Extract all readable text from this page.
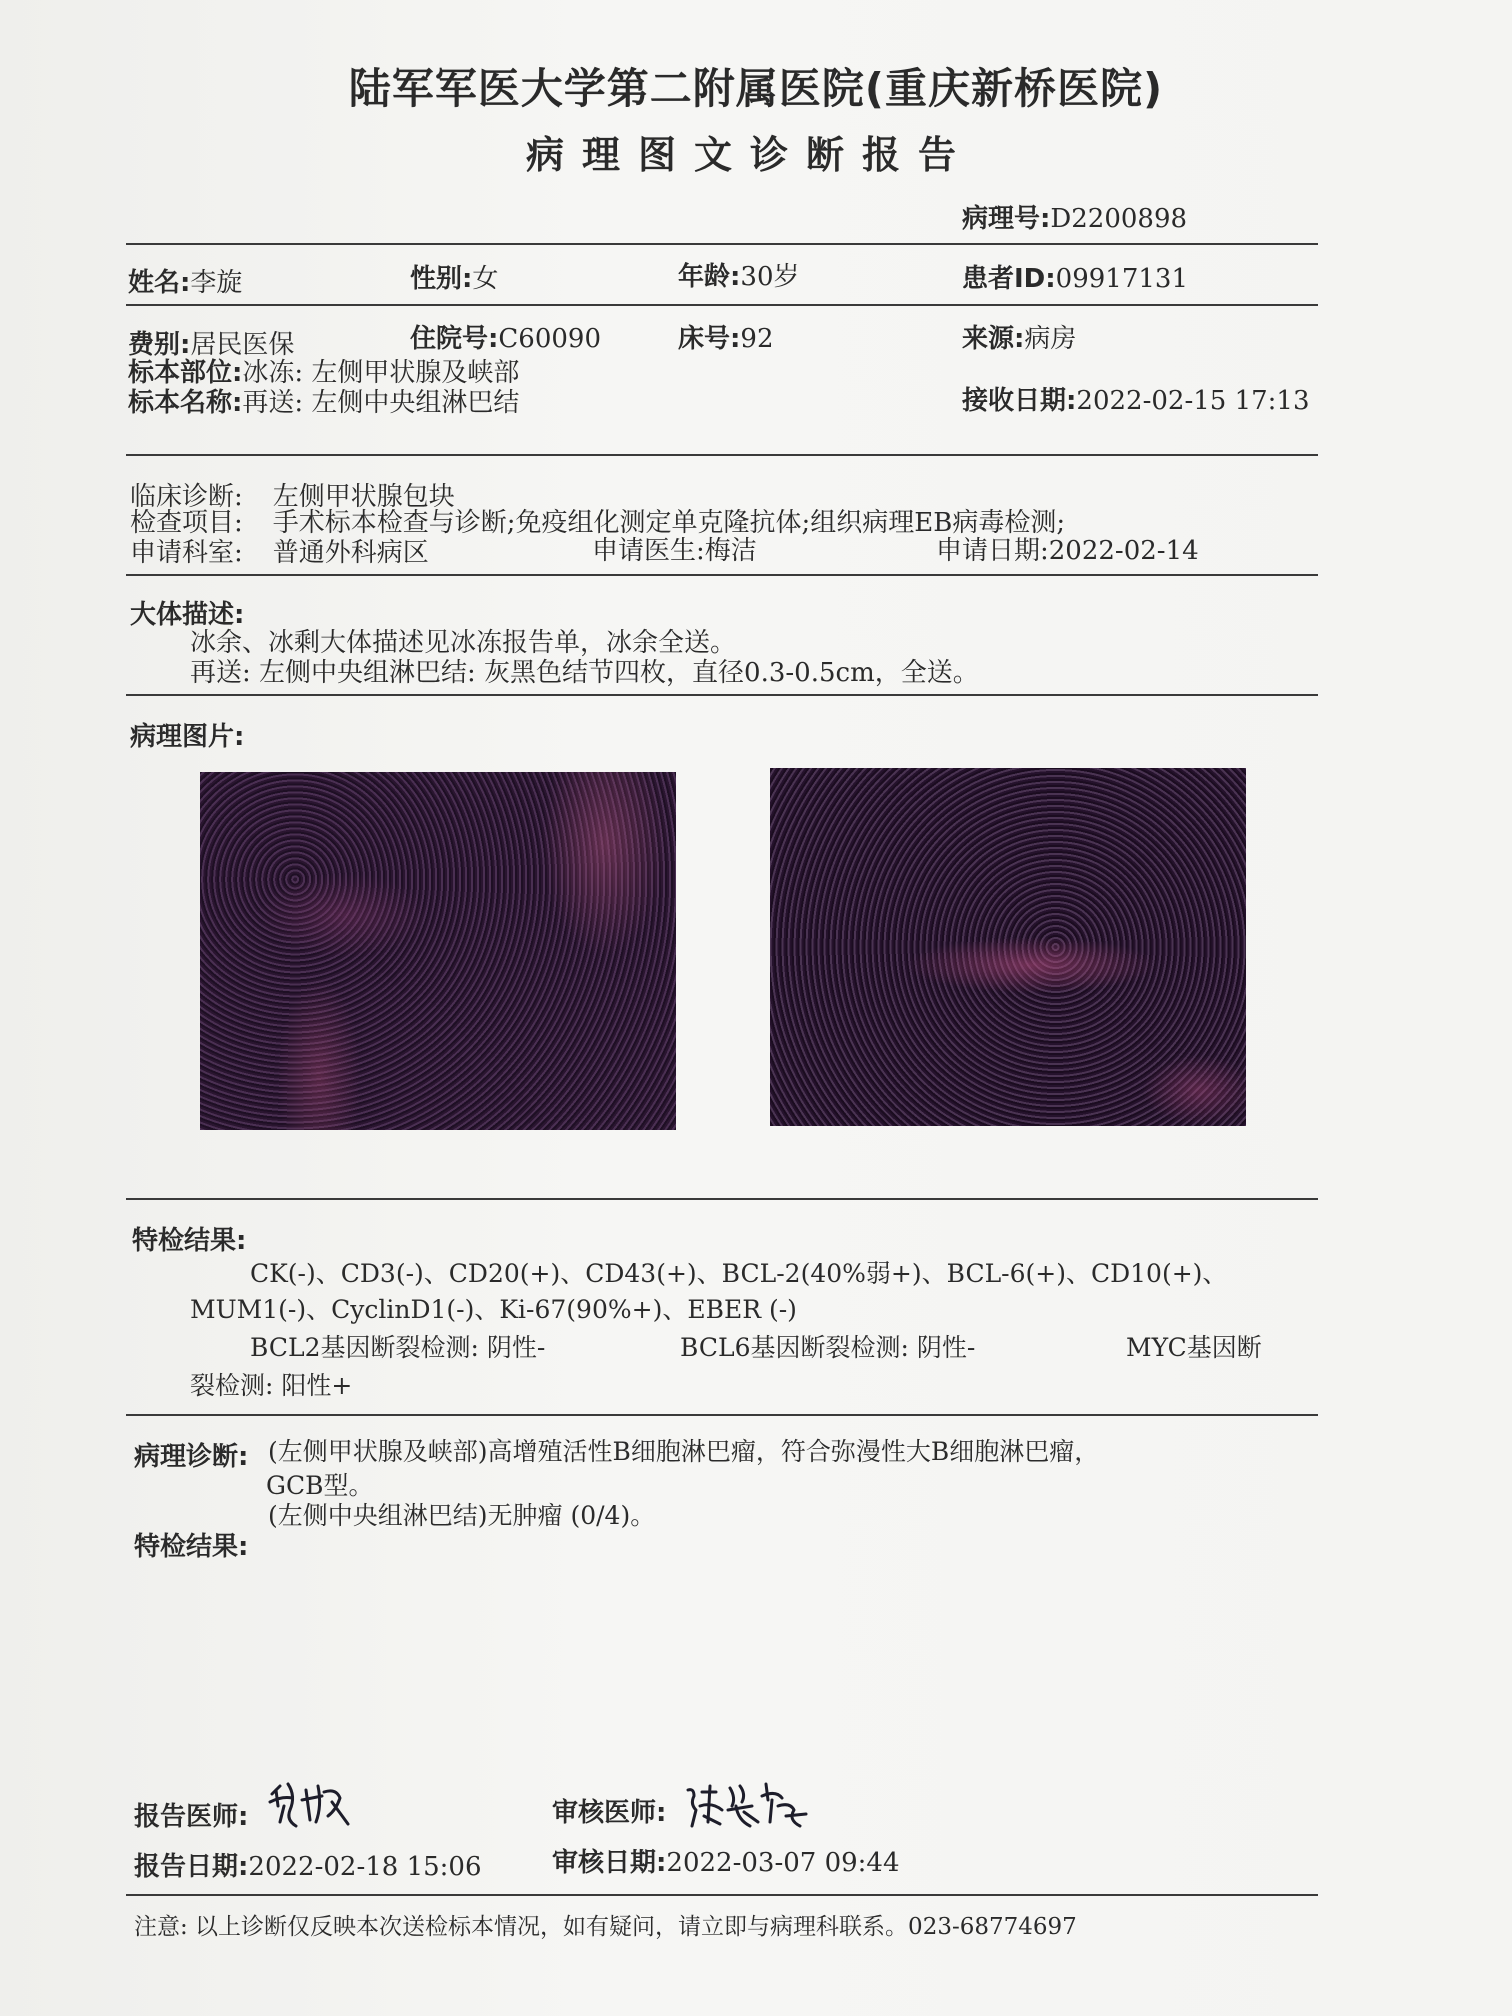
陆军军医大学第二附属医院(重庆新桥医院)
病理图文诊断报告
病理号:D2200898
姓名:李旋	性别:女	年龄:30岁	患者ID:09917131
费别:居民医保	住院号:C60090	床号:92	来源:病房
标本部位:冰冻: 左侧甲状腺及峡部
标本名称:再送: 左侧中央组淋巴结	接收日期:2022-02-15 17:13
临床诊断: 左侧甲状腺包块
检查项目: 手术标本检查与诊断;免疫组化测定单克隆抗体;组织病理EB病毒检测;
申请科室: 普通外科病区	申请医生:梅洁	申请日期:2022-02-14
大体描述:
冰余、冰剩大体描述见冰冻报告单，冰余全送。
再送: 左侧中央组淋巴结: 灰黑色结节四枚，直径0.3-0.5cm，全送。
病理图片:
特检结果:
CK(-)、CD3(-)、CD20(+)、CD43(+)、BCL-2(40%弱+)、BCL-6(+)、CD10(+)、
MUM1(-)、CyclinD1(-)、Ki-67(90%+)、EBER (-)
BCL2基因断裂检测: 阴性-	BCL6基因断裂检测: 阴性-	MYC基因断
裂检测: 阳性+
病理诊断: (左侧甲状腺及峡部)高增殖活性B细胞淋巴瘤，符合弥漫性大B细胞淋巴瘤，
GCB型。
(左侧中央组淋巴结)无肿瘤 (0/4)。
特检结果:
报告医师:	审核医师:
报告日期:2022-02-18 15:06	审核日期:2022-03-07 09:44
注意: 以上诊断仅反映本次送检标本情况，如有疑问，请立即与病理科联系。023-68774697
